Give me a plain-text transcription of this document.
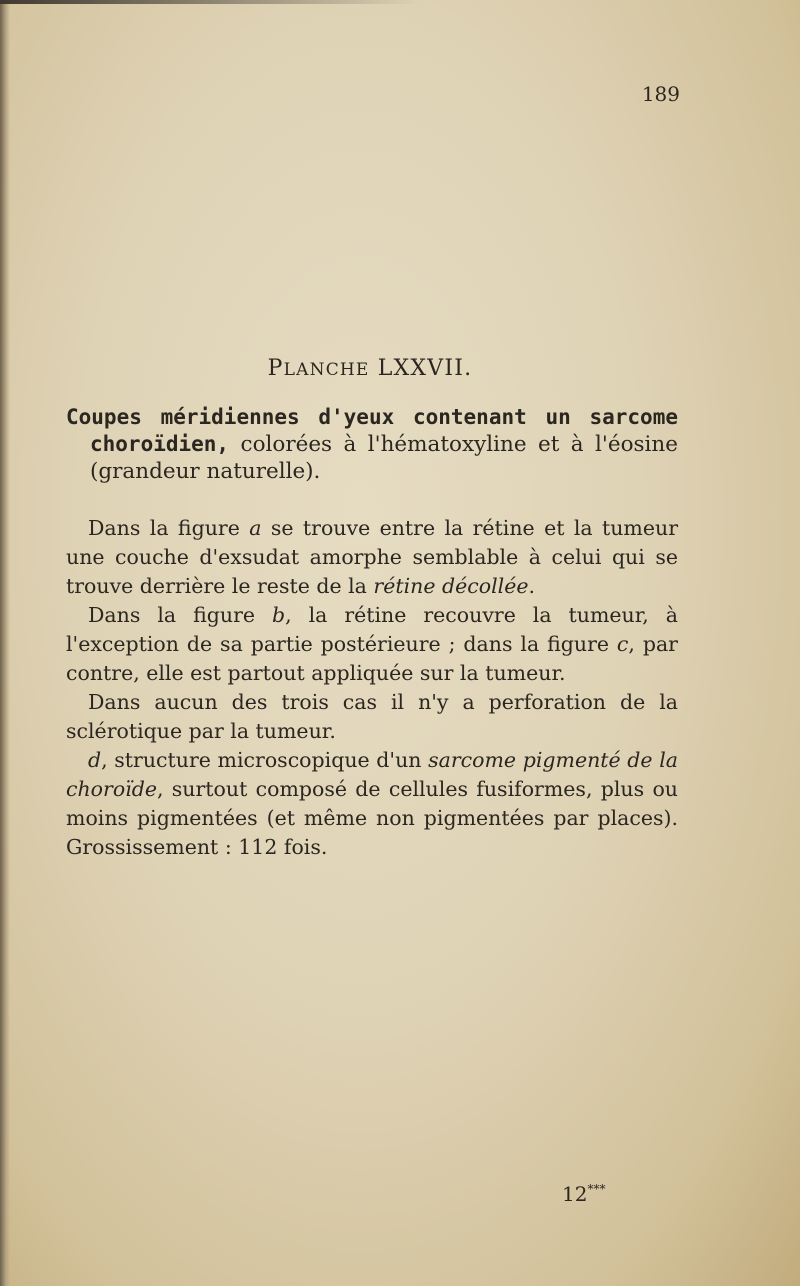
189
PLANCHE LXXVII.

Coupes méridiennes d'yeux contenant un sarcome choroïdien, colorées à l'hématoxyline et à l'éosine (grandeur naturelle).

Dans la figure a se trouve entre la rétine et la tumeur une couche d'exsudat amorphe semblable à celui qui se trouve derrière le reste de la rétine décollée.

Dans la figure b, la rétine recouvre la tumeur, à l'exception de sa partie postérieure ; dans la figure c, par contre, elle est partout appliquée sur la tumeur.

Dans aucun des trois cas il n'y a perforation de la sclérotique par la tumeur.

d, structure microscopique d'un sarcome pigmenté de la choroïde, surtout composé de cellules fusiformes, plus ou moins pigmentées (et même non pigmentées par places). Grossissement : 112 fois.

12***
